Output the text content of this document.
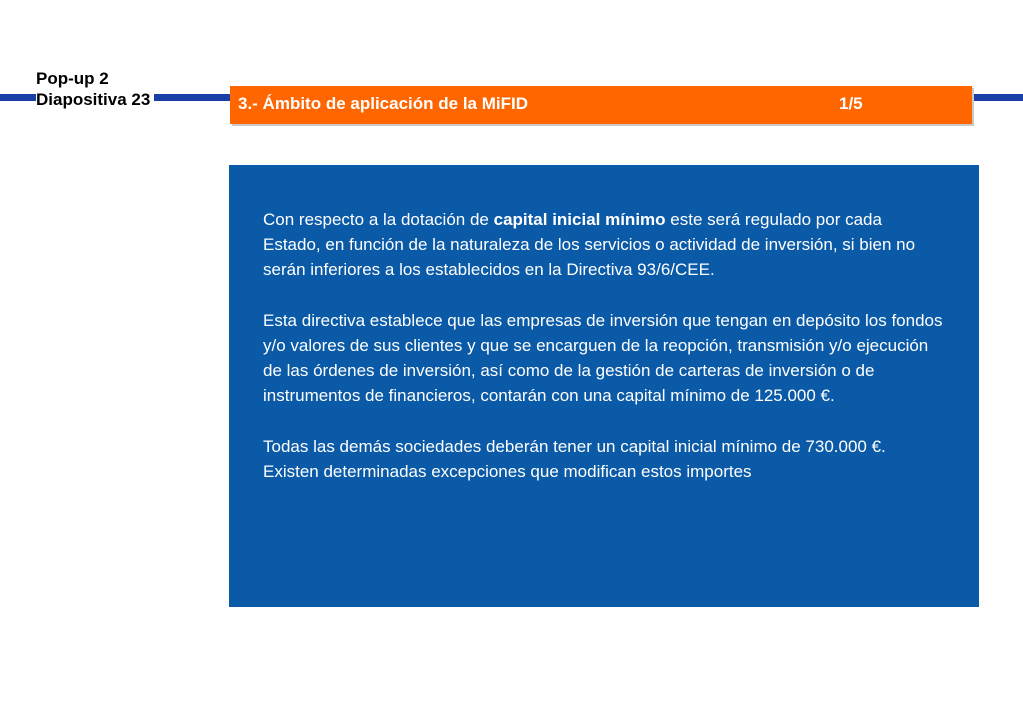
Pop-up 2
Diapositiva 23	3.- Ámbito de aplicación de la MiFID	1/5

Con respecto a la dotación de capital inicial mínimo este será regulado por cada Estado, en función de la naturaleza de los servicios o actividad de inversión, si bien no serán inferiores a los establecidos en la Directiva 93/6/CEE.

Esta directiva establece que las empresas de inversión que tengan en depósito los fondos y/o valores de sus clientes y que se encarguen de la reopción, transmisión y/o ejecución de las órdenes de inversión, así como de la gestión de carteras de inversión o de instrumentos de financieros, contarán con una capital mínimo de 125.000 €.

Todas las demás sociedades deberán tener un capital inicial mínimo de 730.000 €. Existen determinadas excepciones que modifican estos importes
